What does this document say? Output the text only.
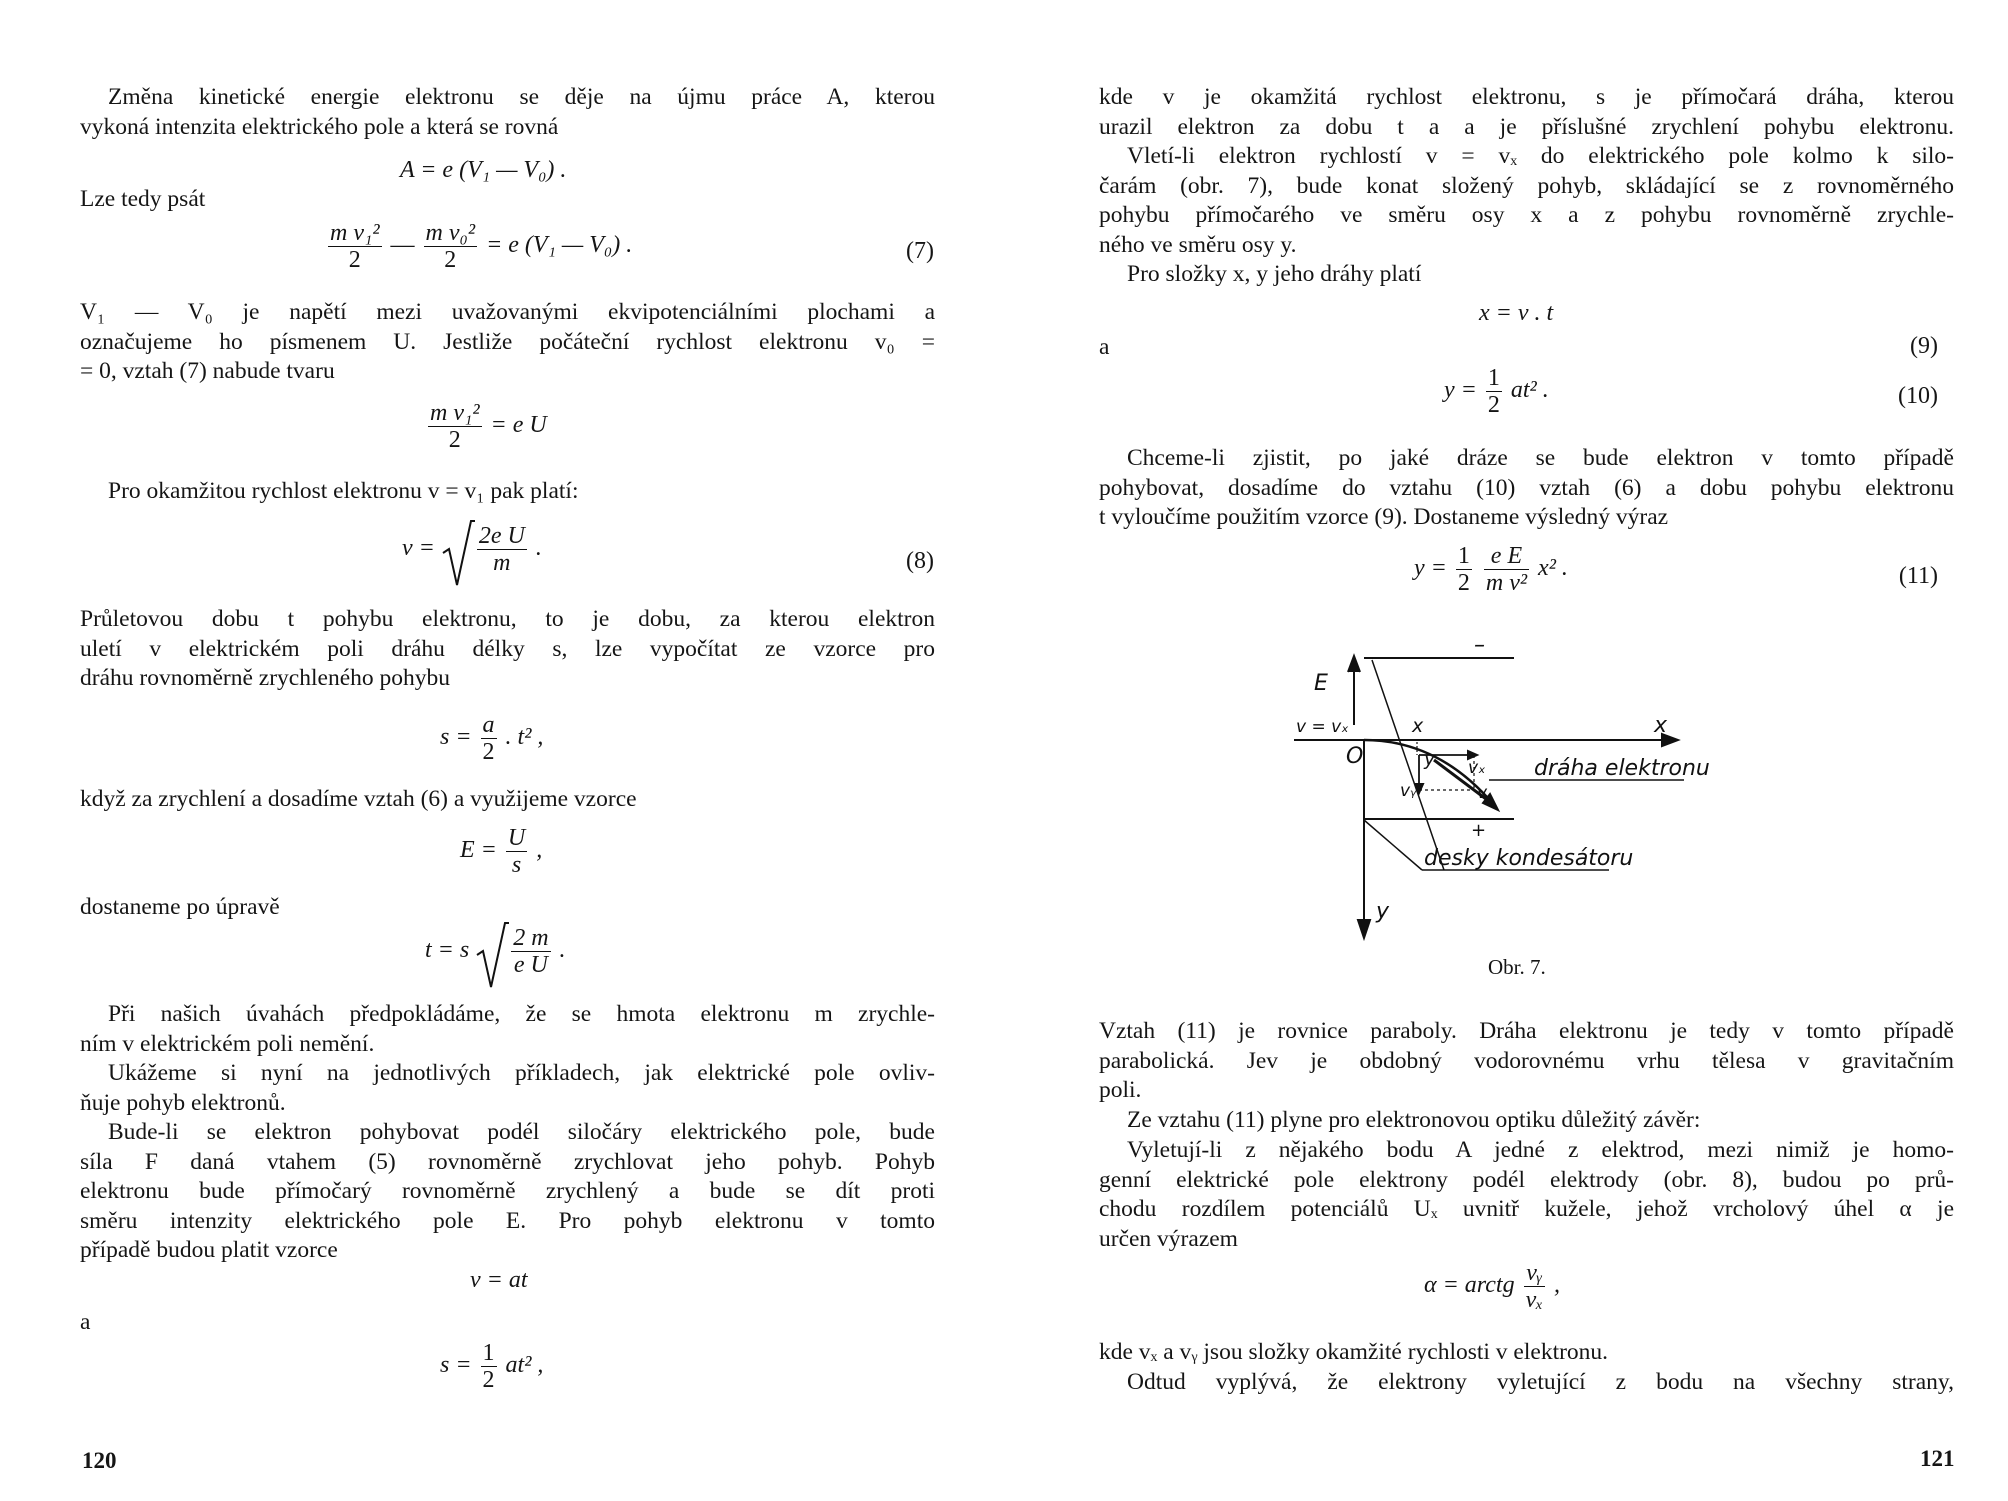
Změna kinetické energie elektronu se děje na újmu práce A, kterou
vykoná intenzita elektrického pole a která se rovná
A = e (V₁ — V₀) .
Lze tedy psát
$\frac{\text{m v₁²}}{2}$ — $\frac{\text{m v₀²}}{2} = e$ (V₁ — V₀) .	(7)
V₁ — V₀ je napětí mezi uvažovanými ekvipotenciálními plochami a
označujeme ho písmenem U. Jestliže počáteční rychlost elektronu v₀ =
= 0, vztah (7) nabude tvaru
$\frac{\text{m v₁²}}{2} = e$ U
Pro okamžitou rychlost elektronu v = v₁ pak platí:
$v = \frac{\text{2e U}}{m}$ .	(8)
Průletovou dobu t pohybu elektronu, to je dobu, za kterou elektron
uletí v elektrickém poli dráhu délky s, lze vypočítat ze vzorce pro
dráhu rovnoměrně zrychleného pohybu
$s = \frac{a}{2}$ . t² ,
když za zrychlení a dosadíme vztah (6) a využijeme vzorce
$E = \frac{U}{s}$ ,
dostaneme po úpravě
t = s $\frac{2 m}{\text{e U}}$ .
Při našich úvahách předpokládáme, že se hmota elektronu m zrychle-
ním v elektrickém poli nemění.
Ukážeme si nyní na jednotlivých příkladech, jak elektrické pole ovliv-
ňuje pohyb elektronů.
Bude-li se elektron pohybovat podél siločáry elektrického pole, bude
síla F daná vtahem (5) rovnoměrně zrychlovat jeho pohyb. Pohyb
elektronu bude přímočarý rovnoměrně zrychlený a bude se dít proti
směru intenzity elektrického pole E. Pro pohyb elektronu v tomto
případě budou platit vzorce
v = at
a
$s = \frac{1}{2} at^2$ ,
120
kde v je okamžitá rychlost elektronu, s je přímočará dráha, kterou
urazil elektron za dobu t a a je příslušné zrychlení pohybu elektronu.
Vletí-li elektron rychlostí v = vₓ do elektrického pole kolmo k silo-
čarám (obr. 7), bude konat složený pohyb, skládající se z rovnoměrného
pohybu přímočarého ve směru osy x a z pohybu rovnoměrně zrychle-
ného ve směru osy y.
Pro složky x, y jeho dráhy platí
x = v . t
a	(9)
$y = \frac{1}{2} at^2$ .	(10)
Chceme-li zjistit, po jaké dráze se bude elektron v tomto případě
pohybovat, dosadíme do vztahu (10) vztah (6) a dobu pohybu elektronu
t vyloučíme použitím vzorce (9). Dostaneme výsledný výraz
$y = \frac{1}{2}$
$\frac{\text{e E}}{\text{m v²}} x^2$ .	(11)
E
–
v = vₓ	x	x
O	y vₓ
vᵧ	v
+
y
dráha elektronu
desky kondesátoru
Obr. 7.
Vztah (11) je rovnice paraboly. Dráha elektronu je tedy v tomto případě
parabolická. Jev je obdobný vodorovnému vrhu tělesa v gravitačním
poli.
Ze vztahu (11) plyne pro elektronovou optiku důležitý závěr:
Vyletují-li z nějakého bodu A jedné z elektrod, mezi nimiž je homo-
genní elektrické pole elektrony podél elektrody (obr. 8), budou po prů-
chodu rozdílem potenciálů Uₓ uvnitř kužele, jehož vrcholový úhel α je
určen výrazem
α = arctg $\frac{\text{vᵧ}}{\text{vₓ}}$ ,
kde vₓ a vᵧ jsou složky okamžité rychlosti v elektronu.
Odtud vyplývá, že elektrony vyletující z bodu na všechny strany,
121
